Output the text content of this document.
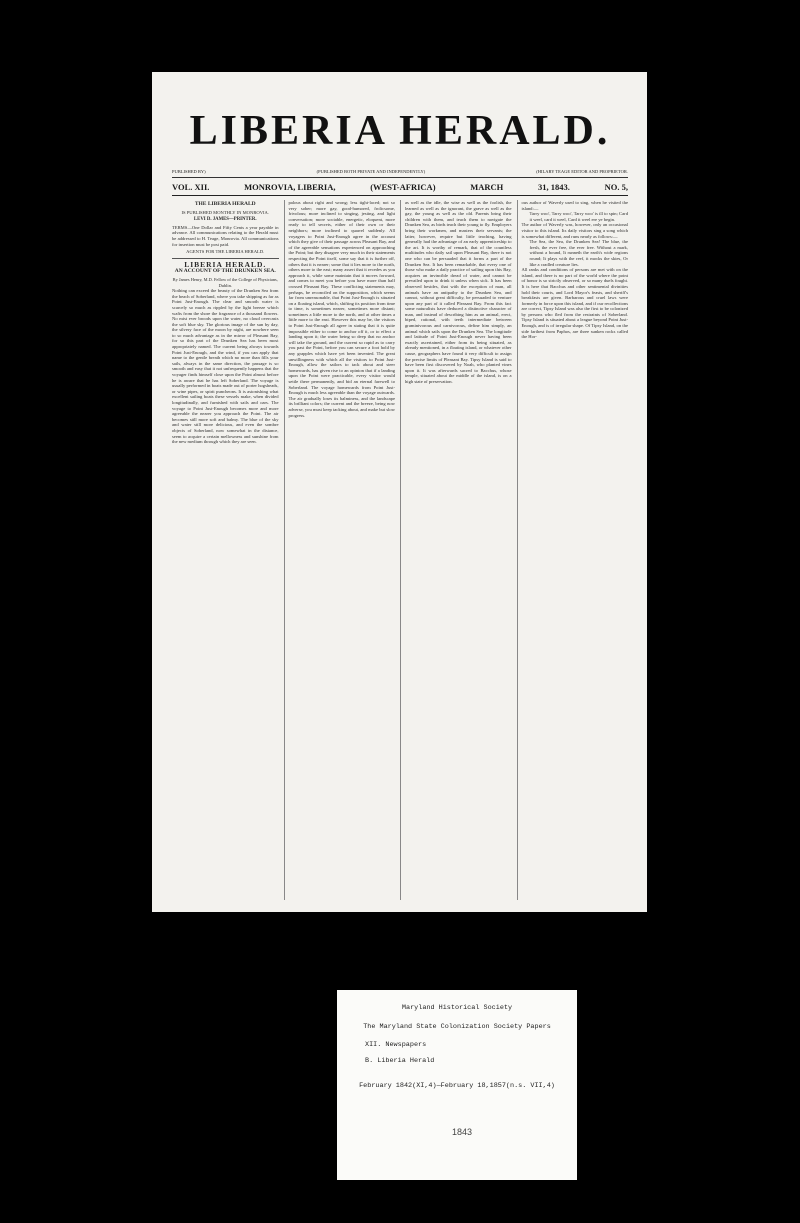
LIBERIA HERALD.
PUBLISHED BY)	(PUBLISHED BOTH PRIVATE AND INDEPENDENTLY)	(HILARY TEAGE EDITOR AND PROPRIETOR.
VOL. XII.	MONROVIA, LIBERIA,	(WEST-AFRICA)	MARCH	31, 1843.	NO. 5,
THE LIBERIA HERALD
IS PUBLISHED MONTHLY IN MONROVIA.
LEVI D. JAMES—PRINTER.
TERMS—One Dollar and Fifty Cents a year payable in advance. All communications relating to the Herald must be addressed to H. Teage, Monrovia. All communications for insertion must be post paid.
AGENTS FOR THE LIBERIA HERALD.
LIBERIA HERALD.
AN ACCOUNT OF THE DRUNKEN SEA.
By James Henry, M.D. Fellow of the College of Physicians, Dublin.
Nothing can exceed the beauty of the Drunken Sea from the beach of Soberland, where you take shipping as far as Point Just-Enough. The clear and smooth water is scarcely so much as rippled by the light breeze which wafts from the shore the fragrance of a thousand flowers. No mist ever broods upon the water, no cloud overcasts the soft blue sky. The glorious image of the sun by day, the silvery face of the moon by night, are nowhere seen to so much advantage as in the mirror of Pleasant Bay, for so this part of the Drunken Sea has been most appropriately named. The current being always towards Point Just-Enough, and the wind, if you can apply that name to the gentle breath which no more than fills your sails, always in the same direction, the passage is so smooth and easy that it not unfrequently happens that the voyager finds himself close upon the Point almost before he is aware that he has left Soberland. The voyage is usually performed in boats made out of porter hogsheads, or wine pipes, or spirit puncheons. It is astonishing what excellent sailing boats these vessels make, when divided longitudinally, and furnished with sails and oars. The voyage to Point Just-Enough becomes more and more agreeable the nearer you approach the Point. The air becomes still more soft and balmy. The blue of the sky and water still more delicious, and even the sombre objects of Soberland, now somewhat in the distance, seem to acquire a certain mellowness and sunshine from the new medium through which they are seen.
palous about right and wrong; less tight-laced; not so very sober; more gay, good-humored, frolicsome, frivolous; more inclined to singing, jesting, and light conversation; more sociable, energetic, eloquent, more ready to tell secrets, either of their own or their neighbors; more inclined to quarrel suddenly. All voyagers to Point Just-Enough agree in the account which they give of their passage across Pleasant Bay, and of the agreeable sensations experienced on approaching the Point; but they disagree very much in their statements respecting the Point itself, some say that it is further off, others that it is nearer; some that it lies more to the north, others more to the east; many assert that it recedes as you approach it, while some maintain that it moves forward, and comes to meet you before you have more than half crossed Pleasant Bay. These conflicting statements may, perhaps, be reconciled on the supposition, which seems far from unreasonable, that Point Just-Enough is situated on a floating island, which, shifting its position from time to time, is sometimes nearer, sometimes more distant; sometimes a little more to the north, and at other times a little more to the east. However this may be, the visitors to Point Just-Enough all agree in stating that it is quite impossible either to come to anchor off it, or to effect a landing upon it; the water being so deep that no anchor will take the ground, and the current so rapid as to carry you past the Point, before you can secure a foot hold by any grapples which have yet been invented. The great unwillingness with which all the visitors to Point Just-Enough, allow the sailors to tack about and steer homewards, has given rise to an opinion that if a landing upon the Point were practicable, every visitor would settle there permanently, and bid an eternal farewell to Soberland. The voyage homewards from Point Just-Enough is much less agreeable than the voyage outwards. The air gradually loses its balminess, and the landscape its brilliant colors; the current and the breeze, being now adverse, you must keep tacking about, and make but slow progress.
as well as the idle, the wise as well as the foolish, the learned as well as the ignorant, the grave as well as the gay, the young as well as the old. Parents bring their children with them, and teach them to navigate the Drunken Sea, as birds teach their young to fly. Employers bring their workmen, and masters their servants; the latter, however, require but little teaching, having generally had the advantage of an early apprenticeship to the art. It is worthy of remark, that of the countless multitudes who daily sail upon Pleasant Bay, there is not one who can be persuaded that it forms a part of the Drunken Sea. It has been remarkable, that every one of those who make a daily practice of sailing upon this Bay, acquires an invincible dread of water, and cannot be prevailed upon to drink it unless when sick. It has been observed besides, that with the exception of man, all animals have an antipathy to the Drunken Sea, and cannot, without great difficulty, be persuaded to venture upon any part of it called Pleasant Bay. From this fact some naturalists have deduced a distinctive character of man, and instead of describing him as an animal, erect, biped, rational, with teeth intermediate between graminivorous and carnivorous, define him simply, an animal which sails upon the Drunken Sea. The longitude and latitude of Point Just-Enough never having been exactly ascertained, either from its being situated, as already mentioned, in a floating island, or whatever other cause, geographers have found it very difficult to assign the precise limits of Pleasant Bay. Tipsy Island is said to have been first discovered by Noah, who planted vines upon it. It was afterwards sacred to Bacchus, whose temple, situated about the middle of the island, is on a high state of preservation.
ous author of Waverly used to sing, when he visited the island:—
Tarry woo', Tarry woo', Tarry woo' is ill to spin; Card it weel, card it weel, Card it weel ere ye begin.
The author of Waverly was, however, only an occasional visitor to this island. Its daily visitors sing a song which is somewhat different, and runs nearly as follows:—
The Sea, the Sea, the Drunken Sea! The blue, the fresh, the ever free, the ever free. Without a mark, without a bound, It runneth the earth's wide regions round; It plays with the reef, it mocks the skies, Or like a cradled creature lies.
All ranks and conditions of persons are met with on the island, and there is no part of the world where the point of honor is so strictly observed, or so many duels fought. It is here that Bacchus and other sentimental divinities hold their courts, and Lord Mayor's feasts, and sheriff's breakfasts are given. Barbarous and cruel laws were formerly in force upon this island, and if our recollections are correct, Tipsy Island was also the first to be colonized by persons who fled from the restraints of Soberland. Tipsy Island is situated about a league beyond Point Just-Enough, and is of irregular shape. Of Tipsy Island, on the side farthest from Paphos, are three sunken rocks called the Hor-
Maryland Historical Society
The Maryland State Colonization Society Papers
XII. Newspapers
B. Liberia Herald
February 1842(XI,4)—February 18,1857(n.s. VII,4)
1843
